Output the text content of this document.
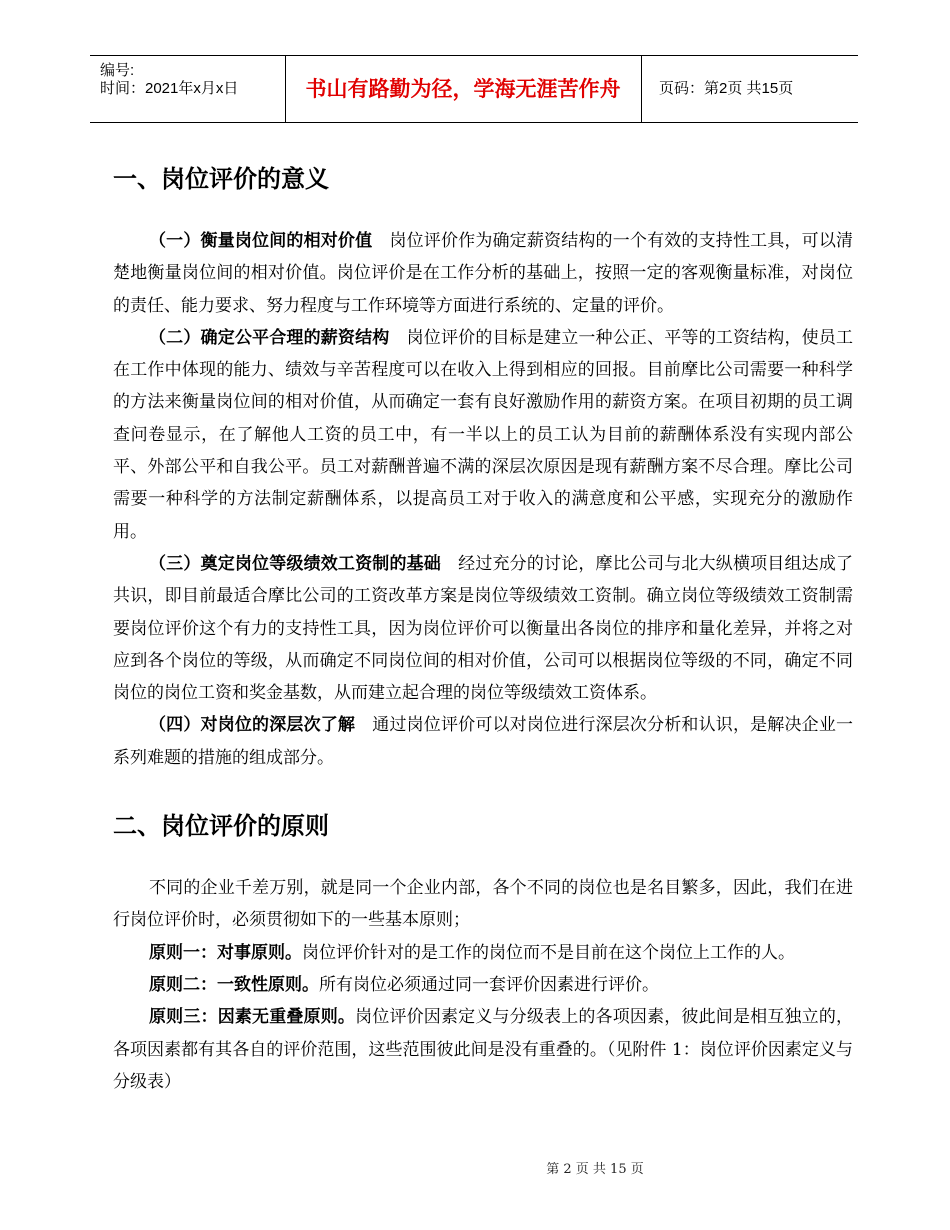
编号:
时间：2021年x月x日	书山有路勤为径，学海无涯苦作舟	页码：第2页 共15页
一、岗位评价的意义

（一）衡量岗位间的相对价值　岗位评价作为确定薪资结构的一个有效的支持性工具，可以清楚地衡量岗位间的相对价值。岗位评价是在工作分析的基础上，按照一定的客观衡量标准，对岗位的责任、能力要求、努力程度与工作环境等方面进行系统的、定量的评价。

（二）确定公平合理的薪资结构　岗位评价的目标是建立一种公正、平等的工资结构，使员工在工作中体现的能力、绩效与辛苦程度可以在收入上得到相应的回报。目前摩比公司需要一种科学的方法来衡量岗位间的相对价值，从而确定一套有良好激励作用的薪资方案。在项目初期的员工调查问卷显示，在了解他人工资的员工中，有一半以上的员工认为目前的薪酬体系没有实现内部公平、外部公平和自我公平。员工对薪酬普遍不满的深层次原因是现有薪酬方案不尽合理。摩比公司需要一种科学的方法制定薪酬体系，以提高员工对于收入的满意度和公平感，实现充分的激励作用。

（三）奠定岗位等级绩效工资制的基础　经过充分的讨论，摩比公司与北大纵横项目组达成了共识，即目前最适合摩比公司的工资改革方案是岗位等级绩效工资制。确立岗位等级绩效工资制需要岗位评价这个有力的支持性工具，因为岗位评价可以衡量出各岗位的排序和量化差异，并将之对应到各个岗位的等级，从而确定不同岗位间的相对价值，公司可以根据岗位等级的不同，确定不同岗位的岗位工资和奖金基数，从而建立起合理的岗位等级绩效工资体系。

（四）对岗位的深层次了解　通过岗位评价可以对岗位进行深层次分析和认识，是解决企业一系列难题的措施的组成部分。

二、岗位评价的原则

不同的企业千差万别，就是同一个企业内部，各个不同的岗位也是名目繁多，因此，我们在进行岗位评价时，必须贯彻如下的一些基本原则；

原则一：对事原则。岗位评价针对的是工作的岗位而不是目前在这个岗位上工作的人。

原则二：一致性原则。所有岗位必须通过同一套评价因素进行评价。

原则三：因素无重叠原则。岗位评价因素定义与分级表上的各项因素，彼此间是相互独立的，各项因素都有其各自的评价范围，这些范围彼此间是没有重叠的。（见附件 1：岗位评价因素定义与分级表）

第 2 页 共 15 页
